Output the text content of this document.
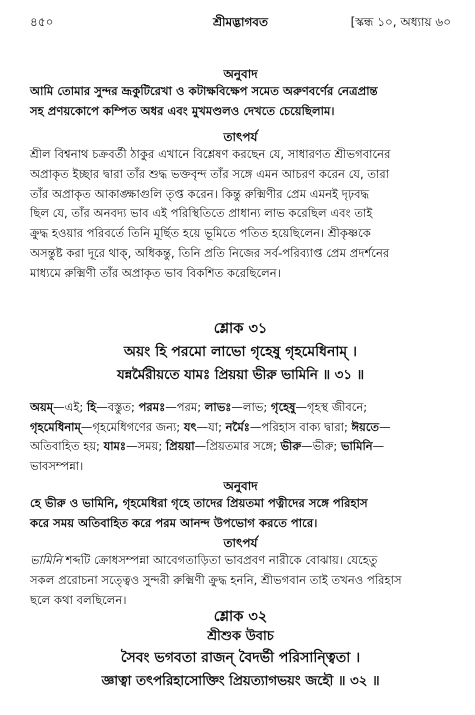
৪৫০	শ্রীমদ্ভাগবত	[স্কন্ধ ১০, অধ্যায় ৬০
অনুবাদ
আমি তোমার সুন্দর ভ্রূকুটিরেখা ও কটাক্ষবিক্ষেপ সমেত অরুণবর্ণের নেত্রপ্রান্ত
সহ প্রণয়কোপে কম্পিত অধর এবং মুখমণ্ডলও দেখতে চেয়েছিলাম।
তাৎপর্য
শ্রীল বিশ্বনাথ চক্রবর্তী ঠাকুর এখানে বিশ্লেষণ করছেন যে, সাধারণত শ্রীভগবানের
অপ্রাকৃত ইচ্ছার দ্বারা তাঁর শুদ্ধ ভক্তবৃন্দ তাঁর সঙ্গে এমন আচরণ করেন যে, তারা
তাঁর অপ্রাকৃত আকাঙ্ক্ষাগুলি তৃপ্ত করেন। কিন্তু রুক্মিণীর প্রেম এমনই দৃঢ়বদ্ধ
ছিল যে, তাঁর অনবদ্য ভাব এই পরিস্থিতিতে প্রাধান্য লাভ করেছিল এবং তাই
ক্রুদ্ধ হওয়ার পরিবর্তে তিনি মূর্ছিত হয়ে ভূমিতে পতিত হয়েছিলেন। শ্রীকৃষ্ণকে
অসন্তুষ্ট করা দূরে থাক্‌, অধিকন্তু, তিনি প্রতি নিজের সর্ব-পরিব্যাপ্ত প্রেম প্রদর্শনের
মাধ্যমে রুক্মিণী তাঁর অপ্রাকৃত ভাব বিকশিত করেছিলেন।
শ্লোক ৩১
অয়ং হি পরমো লাভো গৃহেষু গৃহমেধিনাম্‌ ।
যন্নর্মৈরীয়তে যামঃ প্রিয়য়া ভীরু ভামিনি ॥ ৩১ ॥
অয়ম্‌—এই; হি—বস্তুত; পরমঃ—পরম; লাভঃ—লাভ; গৃহেষু—গৃহস্থ জীবনে;
গৃহমেধিনাম্‌—গৃহমেধিগণের জন্য; যৎ—যা; নর্মৈঃ—পরিহাস বাক্য দ্বারা; ঈয়তে—
অতিবাহিত হয়; যামঃ—সময়; প্রিয়য়া—প্রিয়তমার সঙ্গে; ভীরু—ভীরু; ভামিনি—
ভাবসম্পন্না।
অনুবাদ
হে ভীরু ও ভামিনি, গৃহমেধিরা গৃহে তাদের প্রিয়তমা পত্নীদের সঙ্গে পরিহাস
করে সময় অতিবাহিত করে পরম আনন্দ উপভোগ করতে পারে।
তাৎপর্য
ভামিনি শব্দটি ক্রোধসম্পন্না আবেগতাড়িতা ভাবপ্রবণ নারীকে বোঝায়। যেহেতু
সকল প্ররোচনা সত্ত্বেও সুন্দরী রুক্মিণী ক্রুদ্ধ হননি, শ্রীভগবান তাই তখনও পরিহাস
ছলে কথা বলছিলেন।
শ্লোক ৩২
শ্রীশুক উবাচ
সৈবং ভগবতা রাজন্‌ বৈদর্ভী পরিসান্ত্বিতা ।
জ্ঞাত্বা তৎপরিহাসোক্তিং প্রিয়ত্যাগভয়ং জহৌ ॥ ৩২ ॥
